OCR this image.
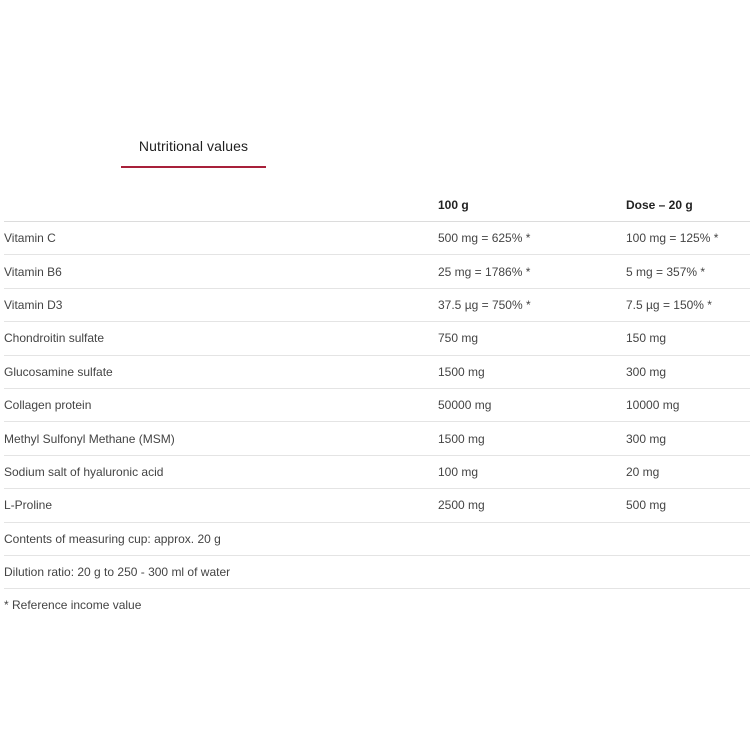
Nutritional values
	100 g	Dose – 20 g
Vitamin C	500 mg = 625% *	100 mg = 125% *
Vitamin B6	25 mg = 1786% *	5 mg = 357% *
Vitamin D3	37.5 µg = 750% *	7.5 µg = 150% *
Chondroitin sulfate	750 mg	150 mg
Glucosamine sulfate	1500 mg	300 mg
Collagen protein	50000 mg	10000 mg
Methyl Sulfonyl Methane (MSM)	1500 mg	300 mg
Sodium salt of hyaluronic acid	100 mg	20 mg
L-Proline	2500 mg	500 mg
Contents of measuring cup: approx. 20 g		
Dilution ratio: 20 g to 250 - 300 ml of water		
* Reference income value		
